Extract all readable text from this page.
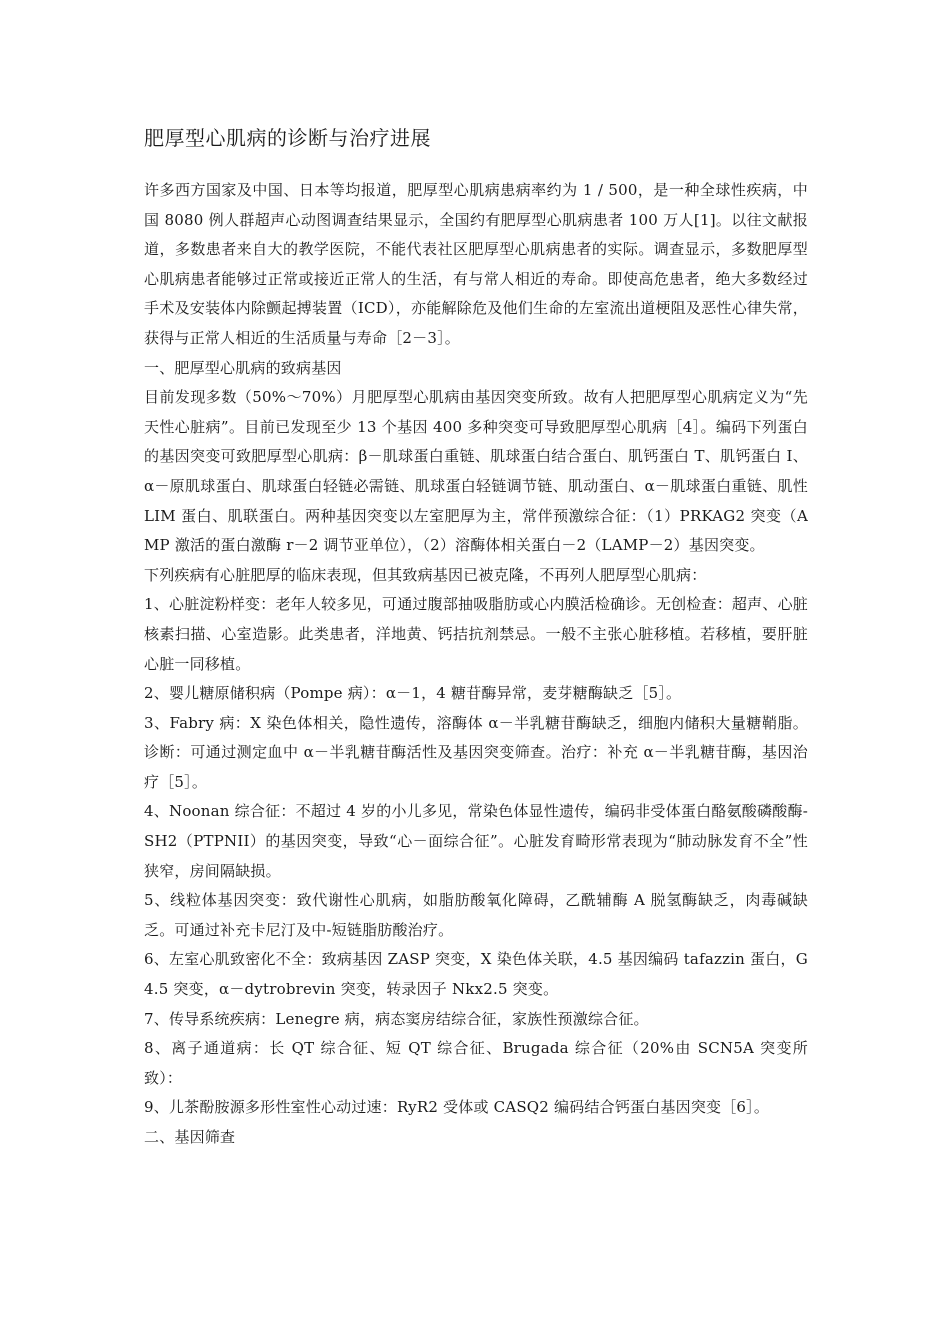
肥厚型心肌病的诊断与治疗进展

许多西方国家及中国、日本等均报道，肥厚型心肌病患病率约为 1 / 500，是一种全球性疾病，中国 8080 例人群超声心动图调查结果显示，全国约有肥厚型心肌病患者 100 万人[1]。以往文献报道，多数患者来自大的教学医院，不能代表社区肥厚型心肌病患者的实际。调查显示，多数肥厚型心肌病患者能够过正常或接近正常人的生活，有与常人相近的寿命。即使高危患者，绝大多数经过手术及安装体内除颤起搏装置（ICD），亦能解除危及他们生命的左室流出道梗阻及恶性心律失常，获得与正常人相近的生活质量与寿命［2－3］。

一、肥厚型心肌病的致病基因

目前发现多数（50%～70%）月肥厚型心肌病由基因突变所致。故有人把肥厚型心肌病定义为“先天性心脏病”。目前已发现至少 13 个基因 400 多种突变可导致肥厚型心肌病［4］。编码下列蛋白的基因突变可致肥厚型心肌病：β－肌球蛋白重链、肌球蛋白结合蛋白、肌钙蛋白 T、肌钙蛋白 I、α－原肌球蛋白、肌球蛋白轻链必需链、肌球蛋白轻链调节链、肌动蛋白、α－肌球蛋白重链、肌性 LIM 蛋白、肌联蛋白。两种基因突变以左室肥厚为主，常伴预激综合征：（1）PRKAG2 突变（AMP 激活的蛋白激酶 r－2 调节亚单位），（2）溶酶体相关蛋白－2（LAMP－2）基因突变。

下列疾病有心脏肥厚的临床表现，但其致病基因已被克隆，不再列人肥厚型心肌病：

1、心脏淀粉样变：老年人较多见，可通过腹部抽吸脂肪或心内膜活检确诊。无创检查：超声、心脏核素扫描、心室造影。此类患者，洋地黄、钙拮抗剂禁忌。一般不主张心脏移植。若移植，要肝脏心脏一同移植。

2、婴儿糖原储积病（Pompe 病）：α－1，4 糖苷酶异常，麦芽糖酶缺乏［5］。

3、Fabry 病：X 染色体相关，隐性遗传，溶酶体 α－半乳糖苷酶缺乏，细胞内储积大量糖鞘脂。诊断：可通过测定血中 α－半乳糖苷酶活性及基因突变筛查。治疗：补充 α－半乳糖苷酶，基因治疗［5］。

4、Noonan 综合征：不超过 4 岁的小儿多见，常染色体显性遗传，编码非受体蛋白酪氨酸磷酸酶-SH2（PTPNII）的基因突变，导致“心－面综合征”。心脏发育畸形常表现为“肺动脉发育不全”性狭窄，房间隔缺损。

5、线粒体基因突变：致代谢性心肌病，如脂肪酸氧化障碍，乙酰辅酶 A 脱氢酶缺乏，肉毒碱缺乏。可通过补充卡尼汀及中-短链脂肪酸治疗。

6、左室心肌致密化不全：致病基因 ZASP 突变，X 染色体关联，4.5 基因编码 tafazzin 蛋白，G4.5 突变，α－dytrobrevin 突变，转录因子 Nkx2.5 突变。

7、传导系统疾病：Lenegre 病，病态窦房结综合征，家族性预激综合征。

8、离子通道病：长 QT 综合征、短 QT 综合征、Brugada 综合征（20%由 SCN5A 突变所致）：

9、儿茶酚胺源多形性室性心动过速：RyR2 受体或 CASQ2 编码结合钙蛋白基因突变［6］。

二、基因筛查
